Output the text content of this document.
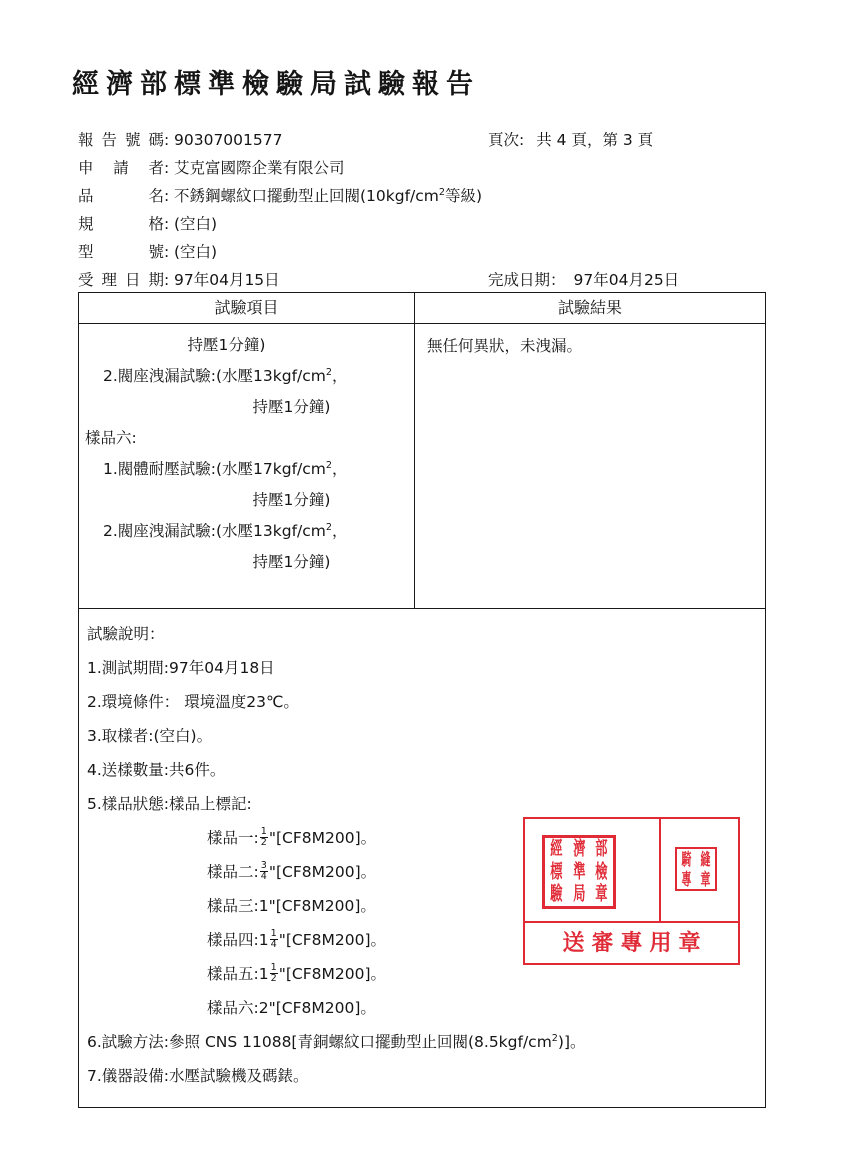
經濟部標準檢驗局試驗報告
報告號碼: 90307001577	頁次: 共 4 頁，第 3 頁
申請者: 艾克富國際企業有限公司
品名: 不銹鋼螺紋口擺動型止回閥($10kgf/cm^2$等級)
規格: (空白)
型號: (空白)
受理日期: 97年04月15日	完成日期： 97年04月25日
試驗項目	試驗結果
持壓1分鐘)
2.閥座洩漏試驗:(水壓$13kgf/cm^2$，
持壓1分鐘)
樣品六:
1.閥體耐壓試驗:(水壓$17kgf/cm^2$，
持壓1分鐘)
2.閥座洩漏試驗:(水壓$13kgf/cm^2$，
持壓1分鐘)
無任何異狀，未洩漏。
試驗說明：
1.測試期間:97年04月18日
2.環境條件： 環境溫度23℃。
3.取樣者:(空白)。
4.送樣數量:共6件。
5.樣品狀態:樣品上標記:
樣品一: $\frac{1}{2}$ "[CF8M200]。
樣品二: $\frac{3}{4}$ "[CF8M200]。
樣品三:1"[CF8M200]。
樣品四:1 $\frac{1}{4}$ "[CF8M200]。
樣品五:1 $\frac{1}{2}$ "[CF8M200]。
樣品六:2"[CF8M200]。
6.試驗方法:參照 CNS 11088[青銅螺紋口擺動型止回閥$(8.5kgf/cm^2)$]。
7.儀器設備:水壓試驗機及碼錶。
經 濟 部
標 準 檢
驗 局 章
騎 縫
專 章
送審專用章
